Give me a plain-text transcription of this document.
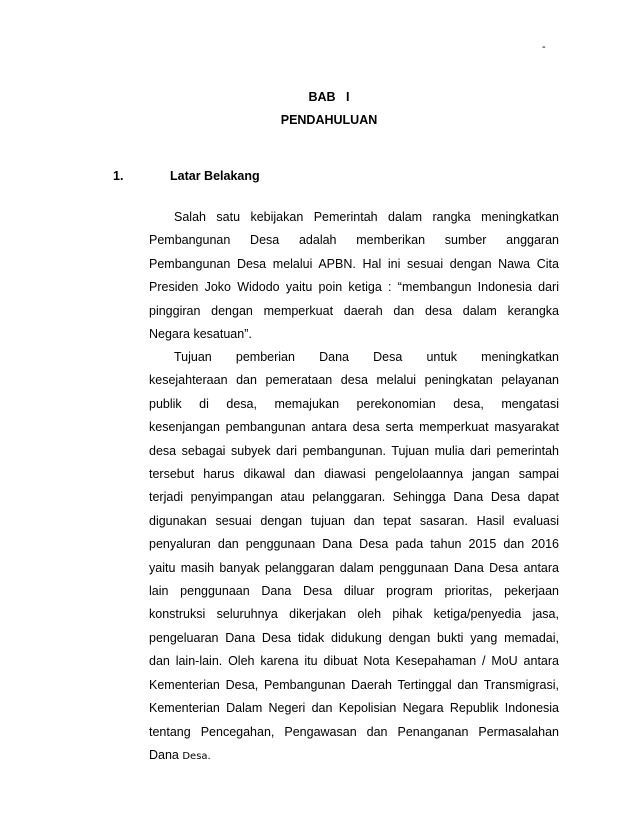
-
BAB   I
PENDAHULUAN
1.	Latar Belakang
Salah satu kebijakan Pemerintah dalam rangka meningkatkan
Pembangunan Desa adalah memberikan sumber anggaran
Pembangunan Desa melalui APBN. Hal ini sesuai dengan Nawa Cita
Presiden Joko Widodo yaitu poin ketiga : “membangun Indonesia dari
pinggiran dengan memperkuat daerah dan desa dalam kerangka
Negara kesatuan”.
Tujuan pemberian Dana Desa untuk meningkatkan
kesejahteraan dan pemerataan desa melalui peningkatan pelayanan
publik di desa, memajukan perekonomian desa, mengatasi
kesenjangan pembangunan antara desa serta memperkuat masyarakat
desa sebagai subyek dari pembangunan. Tujuan mulia dari pemerintah
tersebut harus dikawal dan diawasi pengelolaannya jangan sampai
terjadi penyimpangan atau pelanggaran. Sehingga Dana Desa dapat
digunakan sesuai dengan tujuan dan tepat sasaran. Hasil evaluasi
penyaluran dan penggunaan Dana Desa pada tahun 2015 dan 2016
yaitu masih banyak pelanggaran dalam penggunaan Dana Desa antara
lain penggunaan Dana Desa diluar program prioritas, pekerjaan
konstruksi seluruhnya dikerjakan oleh pihak ketiga/penyedia jasa,
pengeluaran Dana Desa tidak didukung dengan bukti yang memadai,
dan lain-lain. Oleh karena itu dibuat Nota Kesepahaman / MoU antara
Kementerian Desa, Pembangunan Daerah Tertinggal dan Transmigrasi,
Kementerian Dalam Negeri dan Kepolisian Negara Republik Indonesia
tentang Pencegahan, Pengawasan dan Penanganan Permasalahan
Dana Desa.
